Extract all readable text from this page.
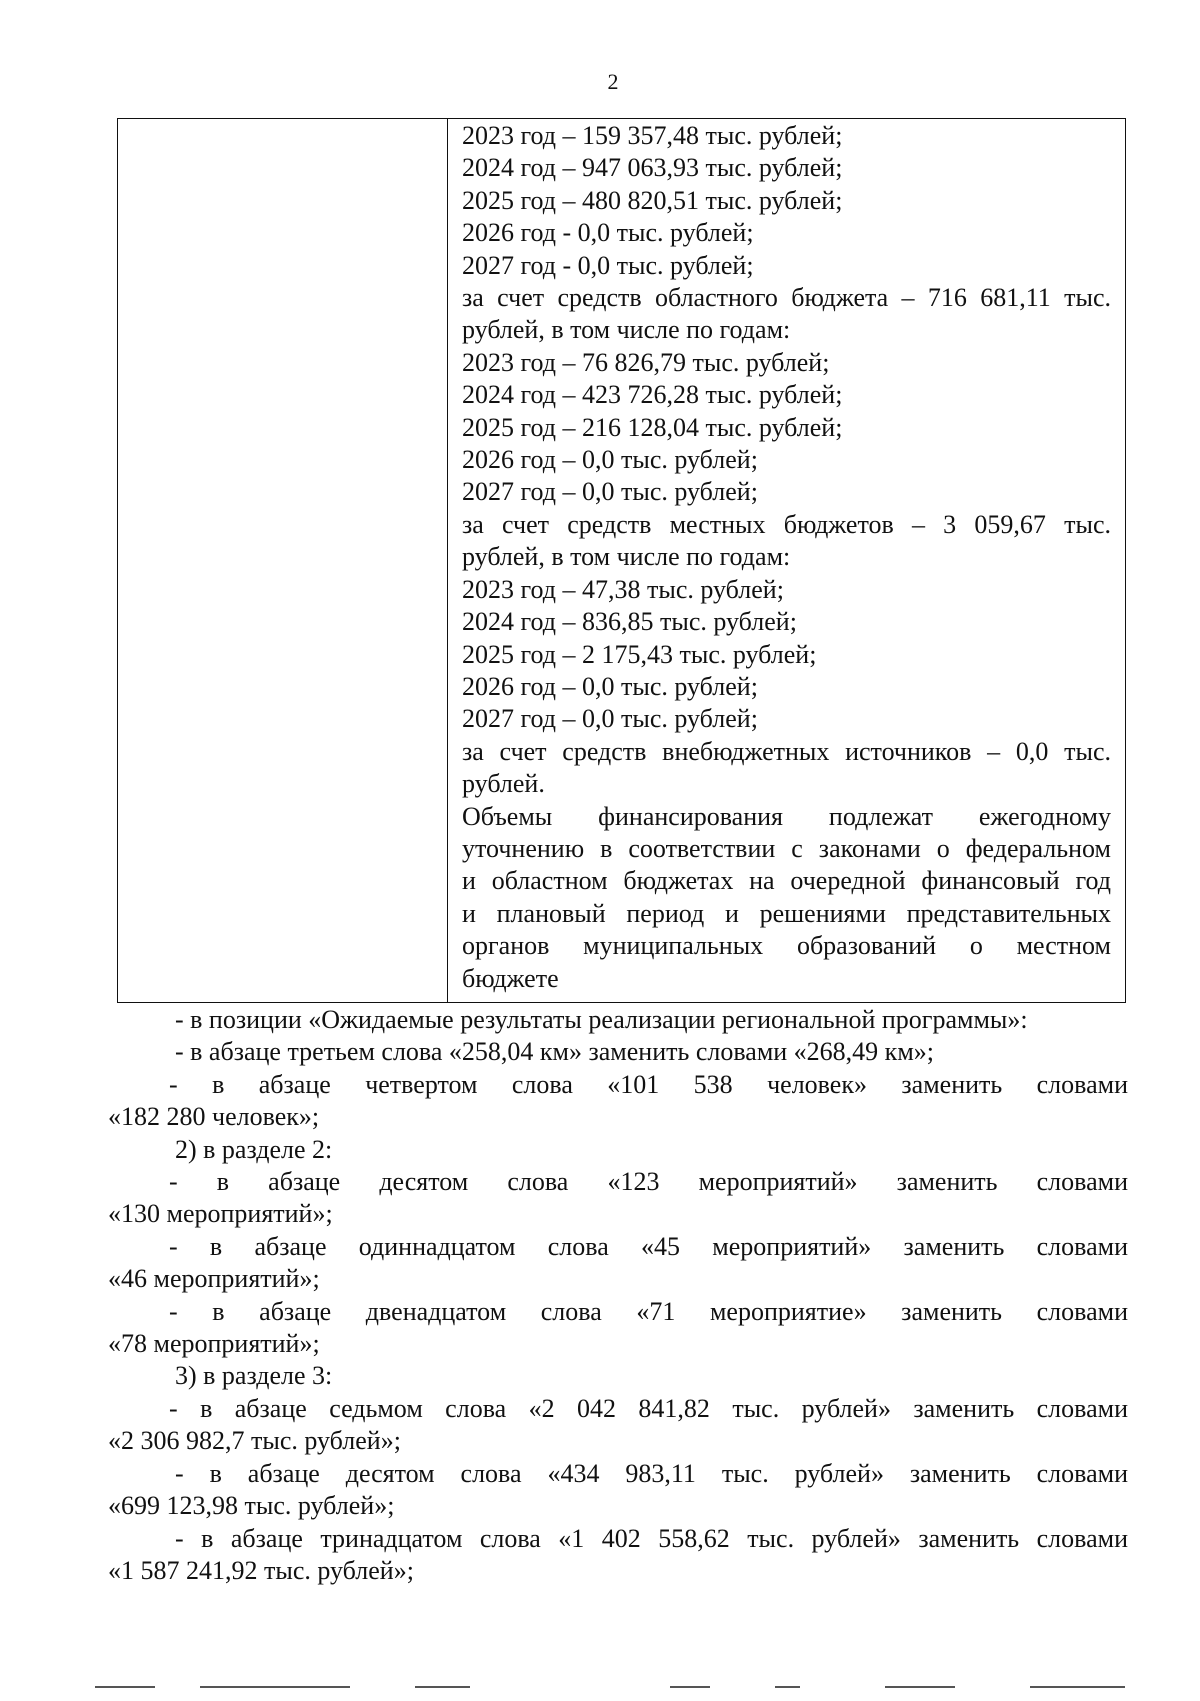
2

2023 год – 159 357,48 тыс. рублей;
2024 год – 947 063,93 тыс. рублей;
2025 год – 480 820,51 тыс. рублей;
2026 год - 0,0 тыс. рублей;
2027 год - 0,0 тыс. рублей;
за счет средств областного бюджета – 716 681,11 тыс.
рублей, в том числе по годам:
2023 год – 76 826,79 тыс. рублей;
2024 год – 423 726,28 тыс. рублей;
2025 год – 216 128,04 тыс. рублей;
2026 год – 0,0 тыс. рублей;
2027 год – 0,0 тыс. рублей;
за счет средств местных бюджетов – 3 059,67 тыс.
рублей, в том числе по годам:
2023 год – 47,38 тыс. рублей;
2024 год – 836,85 тыс. рублей;
2025 год – 2 175,43 тыс. рублей;
2026 год – 0,0 тыс. рублей;
2027 год – 0,0 тыс. рублей;
за счет средств внебюджетных источников – 0,0 тыс.
рублей.
Объемы финансирования подлежат ежегодному
уточнению в соответствии с законами о федеральном
и областном бюджетах на очередной финансовый год
и плановый период и решениями представительных
органов муниципальных образований о местном
бюджете
- в позиции «Ожидаемые результаты реализации региональной программы»:
- в абзаце третьем слова «258,04 км» заменить словами «268,49 км»;
- в абзаце четвертом слова «101 538 человек» заменить словами
«182 280 человек»;
2) в разделе 2:
- в абзаце десятом слова «123 мероприятий» заменить словами
«130 мероприятий»;
- в абзаце одиннадцатом слова «45 мероприятий» заменить словами
«46 мероприятий»;
- в абзаце двенадцатом слова «71 мероприятие» заменить словами
«78 мероприятий»;
3) в разделе 3:
- в абзаце седьмом слова «2 042 841,82 тыс. рублей» заменить словами
«2 306 982,7 тыс. рублей»;
- в абзаце десятом слова «434 983,11 тыс. рублей» заменить словами
«699 123,98 тыс. рублей»;
- в абзаце тринадцатом слова «1 402 558,62 тыс. рублей» заменить словами
«1 587 241,92 тыс. рублей»;
